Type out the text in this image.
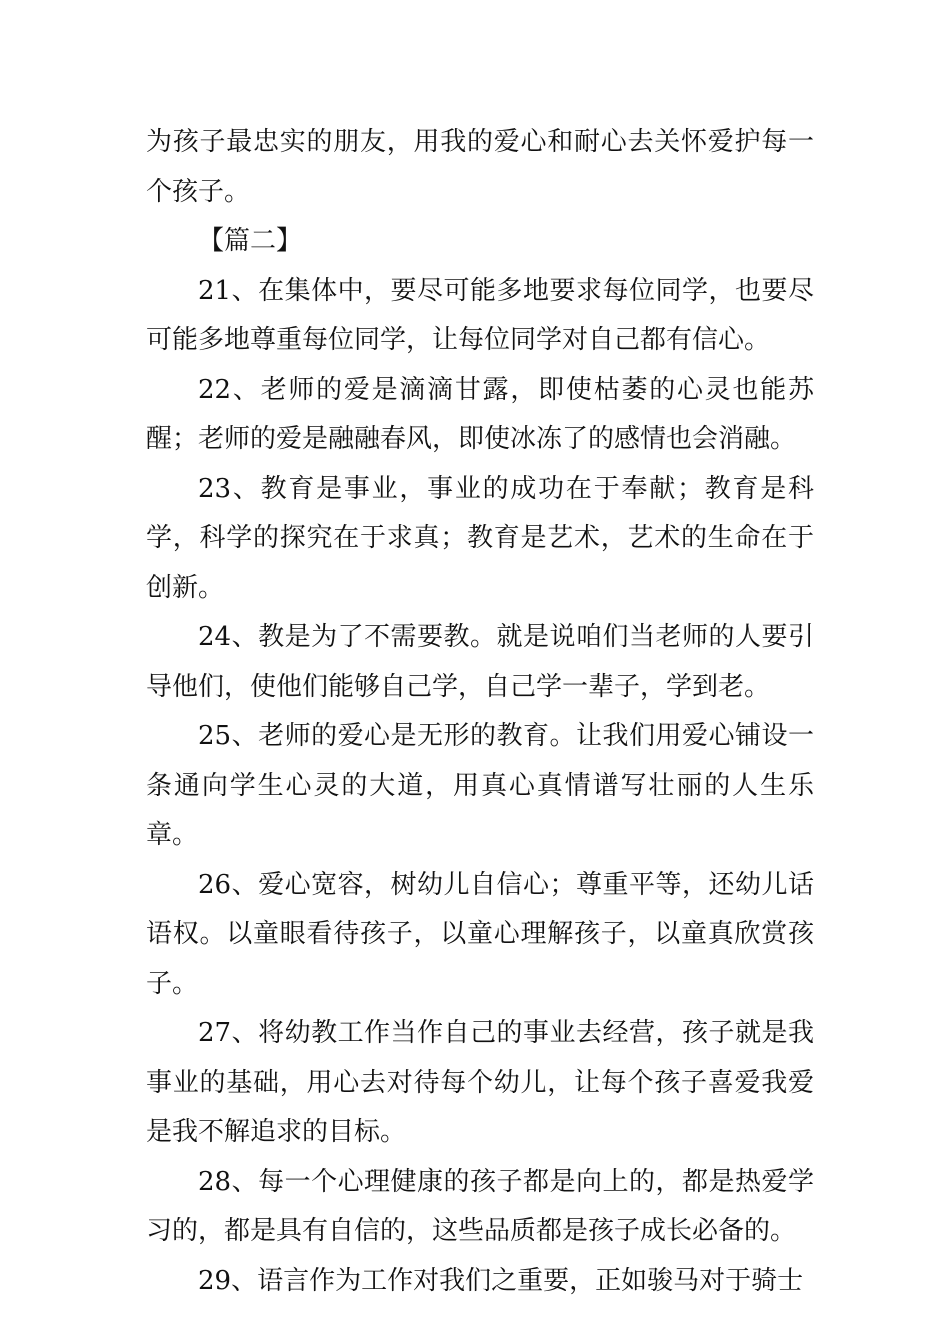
为孩子最忠实的朋友，用我的爱心和耐心去关怀爱护每一个孩子。

【篇二】

21、在集体中，要尽可能多地要求每位同学，也要尽可能多地尊重每位同学，让每位同学对自己都有信心。

22、老师的爱是滴滴甘露，即使枯萎的心灵也能苏醒；老师的爱是融融春风，即使冰冻了的感情也会消融。

23、教育是事业，事业的成功在于奉献；教育是科学，科学的探究在于求真；教育是艺术，艺术的生命在于创新。

24、教是为了不需要教。就是说咱们当老师的人要引导他们，使他们能够自己学，自己学一辈子，学到老。

25、老师的爱心是无形的教育。让我们用爱心铺设一条通向学生心灵的大道，用真心真情谱写壮丽的人生乐章。

26、爱心宽容，树幼儿自信心；尊重平等，还幼儿话语权。以童眼看待孩子，以童心理解孩子，以童真欣赏孩子。

27、将幼教工作当作自己的事业去经营，孩子就是我事业的基础，用心去对待每个幼儿，让每个孩子喜爱我爱是我不解追求的目标。

28、每一个心理健康的孩子都是向上的，都是热爱学习的，都是具有自信的，这些品质都是孩子成长必备的。

29、语言作为工作对我们之重要，正如骏马对于骑士
